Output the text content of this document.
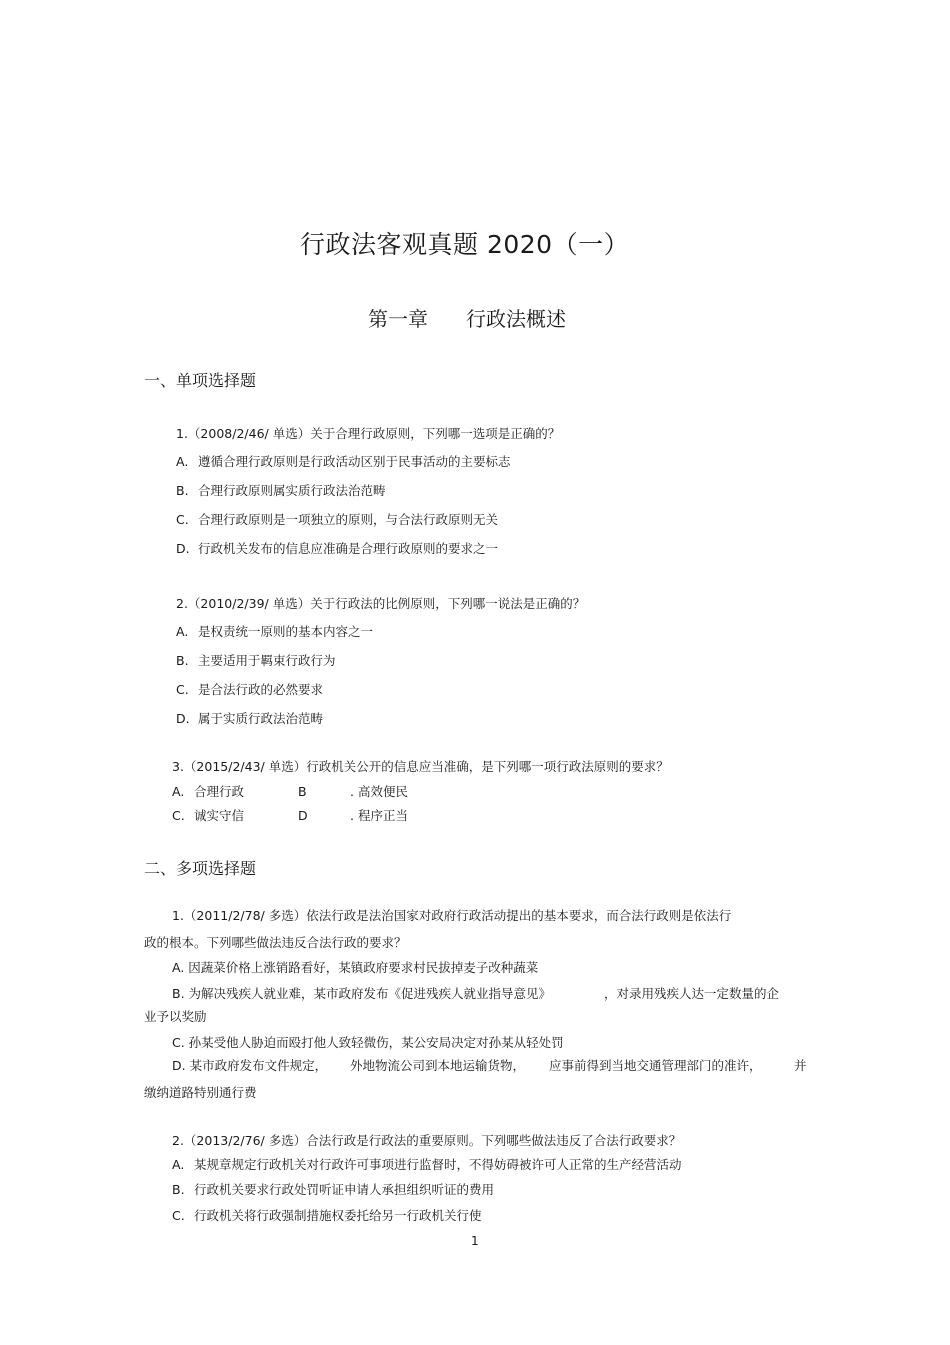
行政法客观真题 2020（一）
第一章 行政法概述
一、单项选择题
1.（2008/2/46/ 单选）关于合理行政原则，下列哪一选项是正确的？
A. 遵循合理行政原则是行政活动区别于民事活动的主要标志
B. 合理行政原则属实质行政法治范畴
C. 合理行政原则是一项独立的原则，与合法行政原则无关
D. 行政机关发布的信息应准确是合理行政原则的要求之一
2.（2010/2/39/ 单选）关于行政法的比例原则，下列哪一说法是正确的？
A. 是权责统一原则的基本内容之一
B. 主要适用于羁束行政行为
C. 是合法行政的必然要求
D. 属于实质行政法治范畴
3.（2015/2/43/ 单选）行政机关公开的信息应当准确，是下列哪一项行政法原则的要求？
A. 合理行政	B	. 高效便民
C. 诚实守信	D	. 程序正当
二、多项选择题
1.（2011/2/78/ 多选）依法行政是法治国家对政府行政活动提出的基本要求，而合法行政则是依法行
政的根本。下列哪些做法违反合法行政的要求？
A. 因蔬菜价格上涨销路看好，某镇政府要求村民拔掉麦子改种蔬菜
B. 为解决残疾人就业难，某市政府发布《促进残疾人就业指导意见》	，对录用残疾人达一定数量的企
业予以奖励
C. 孙某受他人胁迫而殴打他人致轻微伤，某公安局决定对孙某从轻处罚
D. 某市政府发布文件规定， 外地物流公司到本地运输货物， 应事前得到当地交通管理部门的准许，	并
缴纳道路特别通行费
2.（2013/2/76/ 多选）合法行政是行政法的重要原则。下列哪些做法违反了合法行政要求？
A. 某规章规定行政机关对行政许可事项进行监督时，不得妨碍被许可人正常的生产经营活动
B. 行政机关要求行政处罚听证申请人承担组织听证的费用
C. 行政机关将行政强制措施权委托给另一行政机关行使
1
